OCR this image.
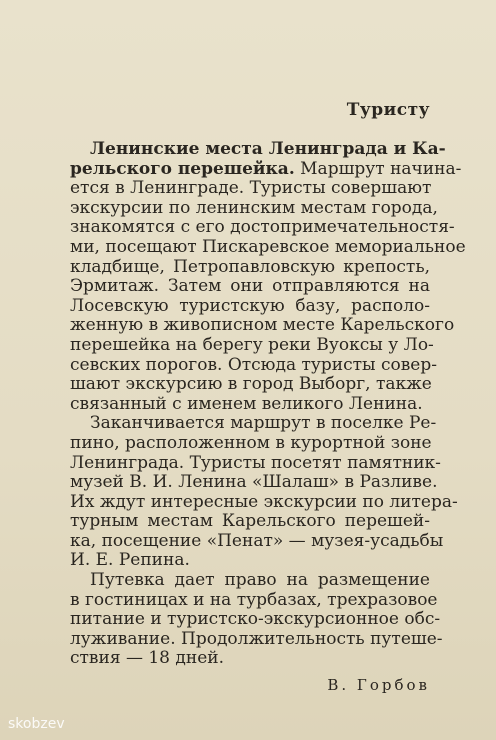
Туристу
Ленинские места Ленинграда и Ка-
рельского перешейка. Маршрут начина-
ется в Ленинграде. Туристы совершают
экскурсии по ленинским местам города,
знакомятся с его достопримечательностя-
ми, посещают Пискаревское мемориальное
кладбище, Петропавловскую крепость,
Эрмитаж. Затем они отправляются на
Лосевскую туристскую базу, располо-
женную в живописном месте Карельского
перешейка на берегу реки Вуоксы у Ло-
севских порогов. Отсюда туристы совер-
шают экскурсию в город Выборг, также
связанный с именем великого Ленина.
Заканчивается маршрут в поселке Ре-
пино, расположенном в курортной зоне
Ленинграда. Туристы посетят памятник-
музей В. И. Ленина «Шалаш» в Разливе.
Их ждут интересные экскурсии по литера-
турным местам Карельского перешей-
ка, посещение «Пенат» — музея-усадьбы
И. Е. Репина.
Путевка дает право на размещение
в гостиницах и на турбазах, трехразовое
питание и туристско-экскурсионное обс-
луживание. Продолжительность путеше-
ствия — 18 дней.
В. Горбов
skobzev
